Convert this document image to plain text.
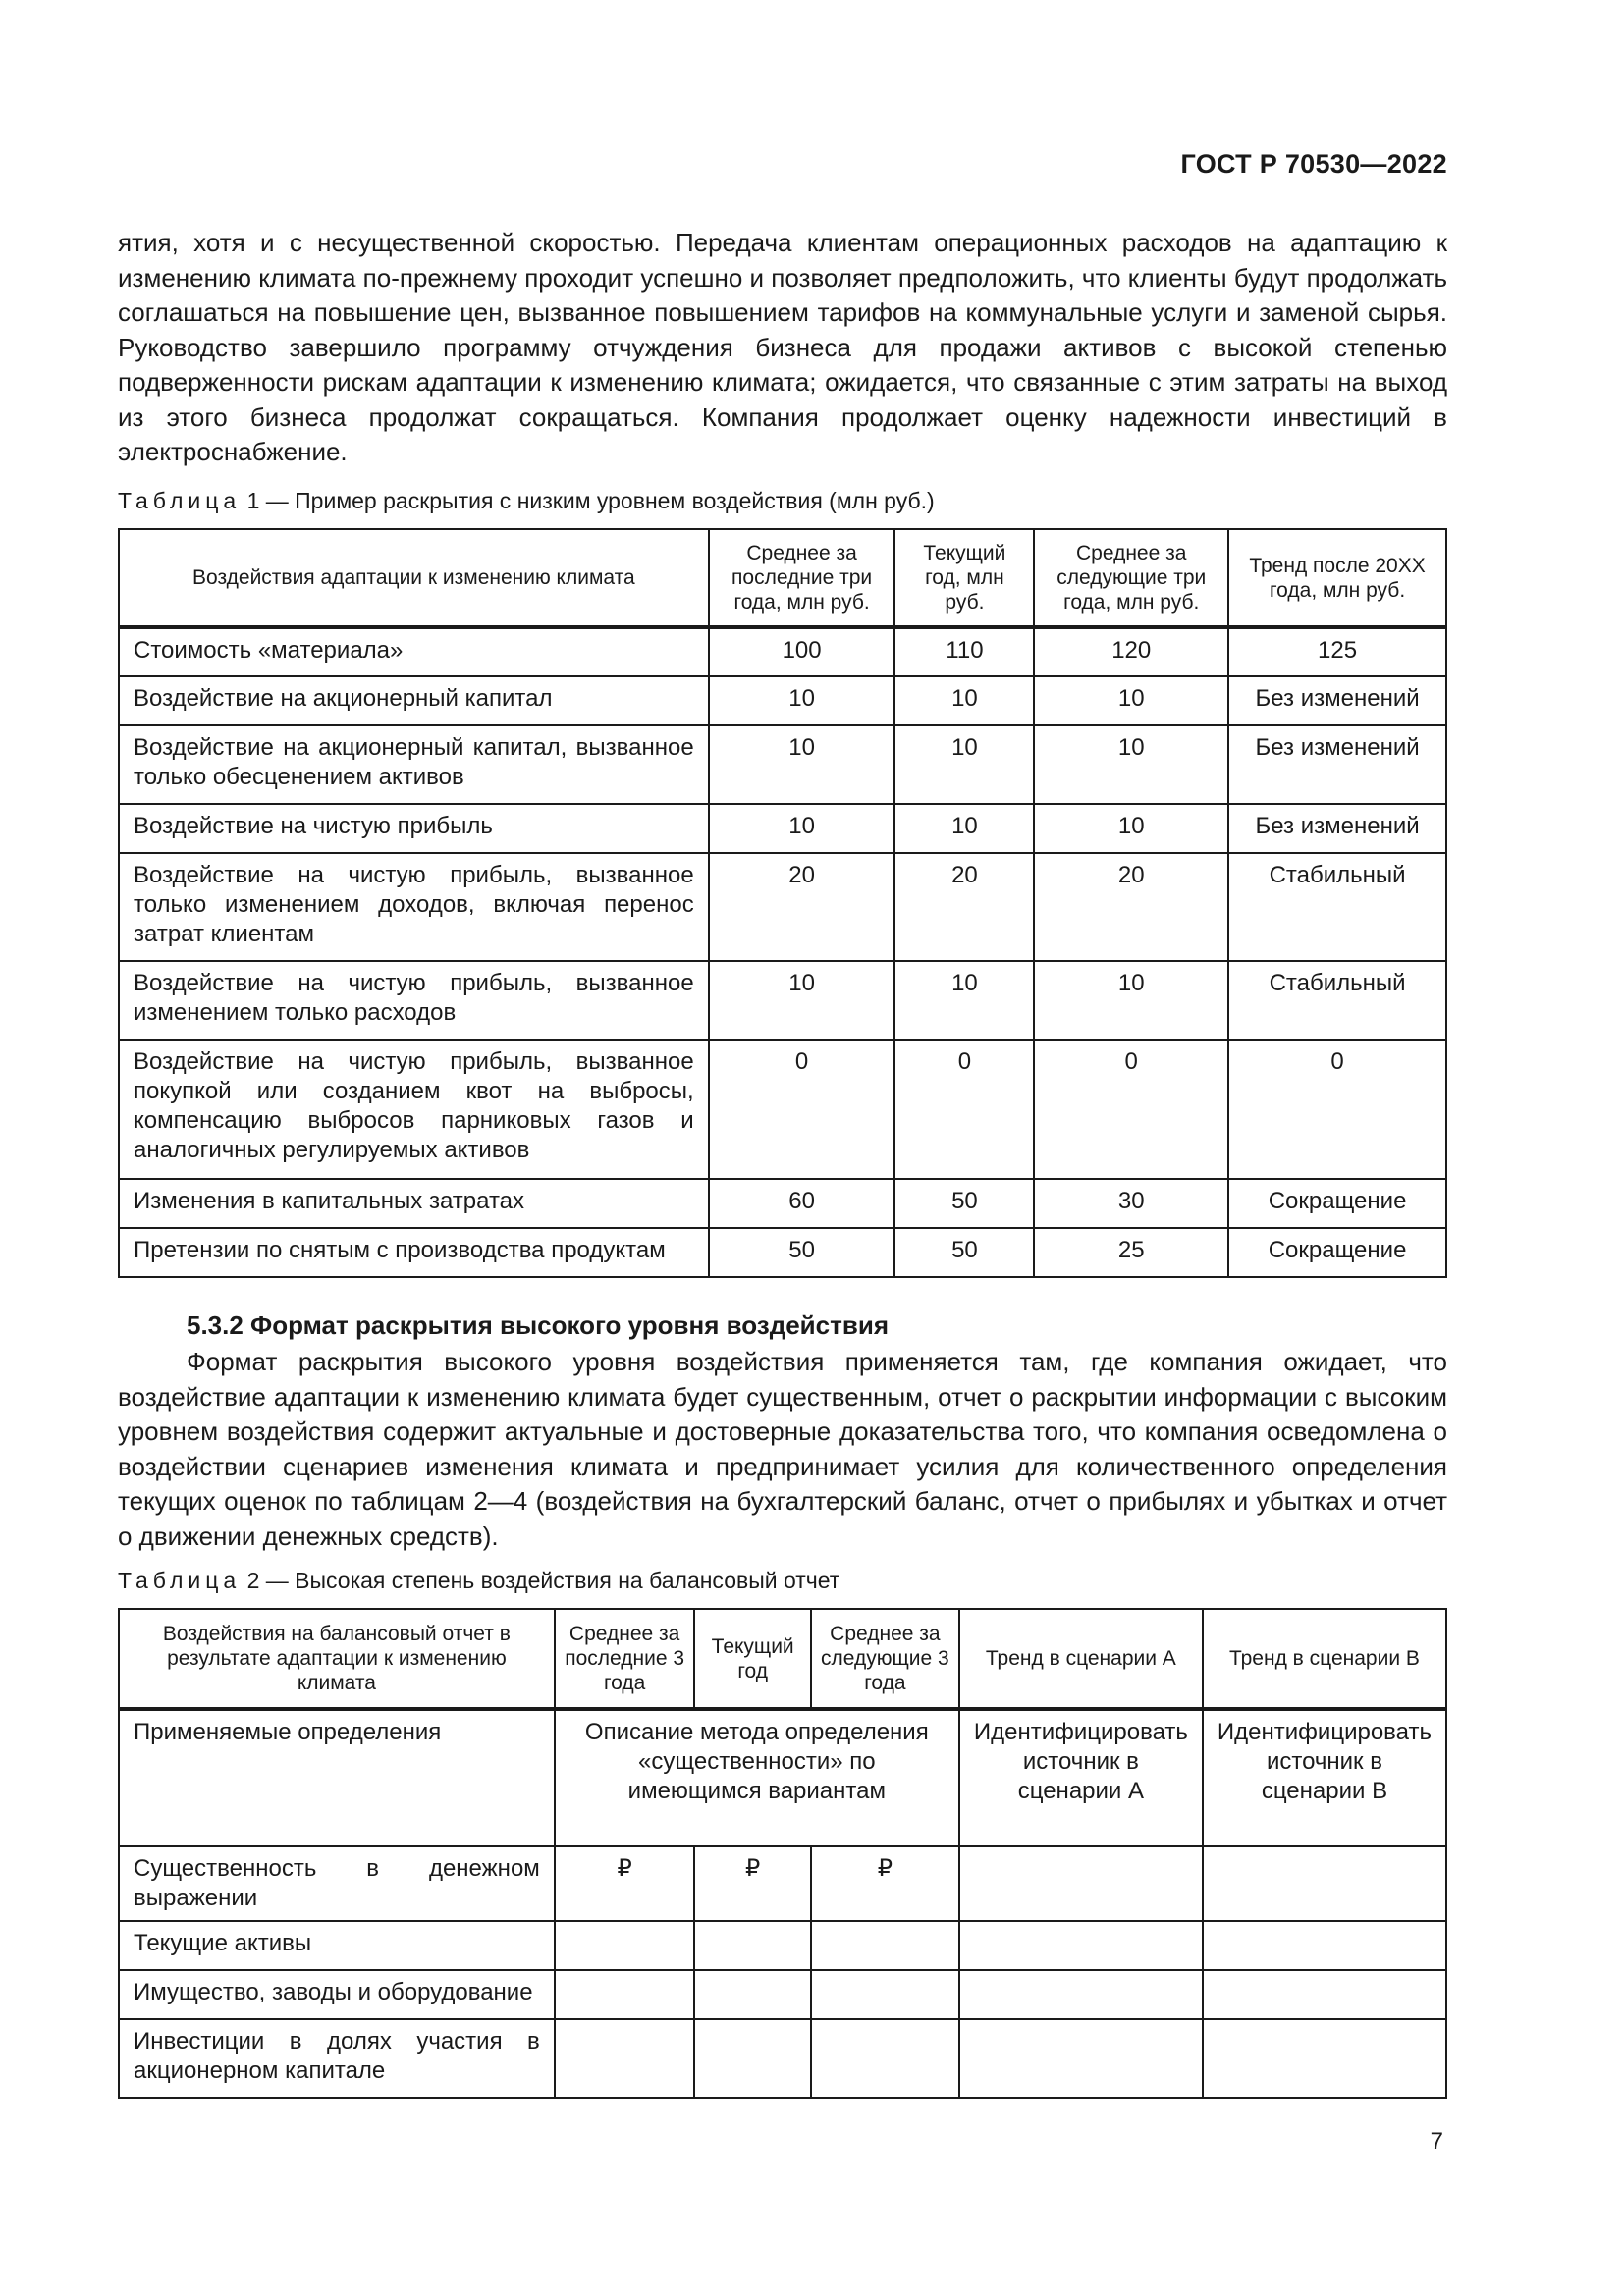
ГОСТ Р 70530—2022

ятия, хотя и с несущественной скоростью. Передача клиентам операционных расходов на адаптацию к изменению климата по-прежнему проходит успешно и позволяет предположить, что клиенты будут продолжать соглашаться на повышение цен, вызванное повышением тарифов на коммунальные услуги и заменой сырья. Руководство завершило программу отчуждения бизнеса для продажи активов с высокой степенью подверженности рискам адаптации к изменению климата; ожидается, что связанные с этим затраты на выход из этого бизнеса продолжат сокращаться. Компания продолжает оценку надежности инвестиций в электроснабжение.

Таблица 1 — Пример раскрытия с низким уровнем воздействия (млн руб.)
Воздействия адаптации к изменению климата	Среднее за последние три года, млн руб.	Текущий год, млн руб.	Среднее за следующие три года, млн руб.	Тренд после 20ХХ года, млн руб.
Стоимость «материала»	100	110	120	125
Воздействие на акционерный капитал	10	10	10	Без изменений
Воздействие на акционерный капитал, вызванное только обесценением активов	10	10	10	Без изменений
Воздействие на чистую прибыль	10	10	10	Без изменений
Воздействие на чистую прибыль, вызванное только изменением доходов, включая перенос затрат клиентам	20	20	20	Стабильный
Воздействие на чистую прибыль, вызванное изменением только расходов	10	10	10	Стабильный
Воздействие на чистую прибыль, вызванное покупкой или созданием квот на выбросы, компенсацию выбросов парниковых газов и аналогичных регулируемых активов	0	0	0	0
Изменения в капитальных затратах	60	50	30	Сокращение
Претензии по снятым с производства продуктам	50	50	25	Сокращение
5.3.2 Формат раскрытия высокого уровня воздействия

Формат раскрытия высокого уровня воздействия применяется там, где компания ожидает, что воздействие адаптации к изменению климата будет существенным, отчет о раскрытии информации с высоким уровнем воздействия содержит актуальные и достоверные доказательства того, что компания осведомлена о воздействии сценариев изменения климата и предпринимает усилия для количественного определения текущих оценок по таблицам 2—4 (воздействия на бухгалтерский баланс, отчет о прибылях и убытках и отчет о движении денежных средств).

Таблица 2 — Высокая степень воздействия на балансовый отчет
Воздействия на балансовый отчет в результате адаптации к изменению климата	Среднее за последние 3 года	Текущий год	Среднее за следующие 3 года	Тренд в сценарии А	Тренд в сценарии В
Применяемые определения	Описание метода определения «существенности» по имеющимся вариантам			Идентифицировать источник в сценарии А	Идентифицировать источник в сценарии В
Существенность в денежном выражении	₽	₽	₽		
Текущие активы					
Имущество, заводы и оборудование					
Инвестиции в долях участия в акционерном капитале					
7
